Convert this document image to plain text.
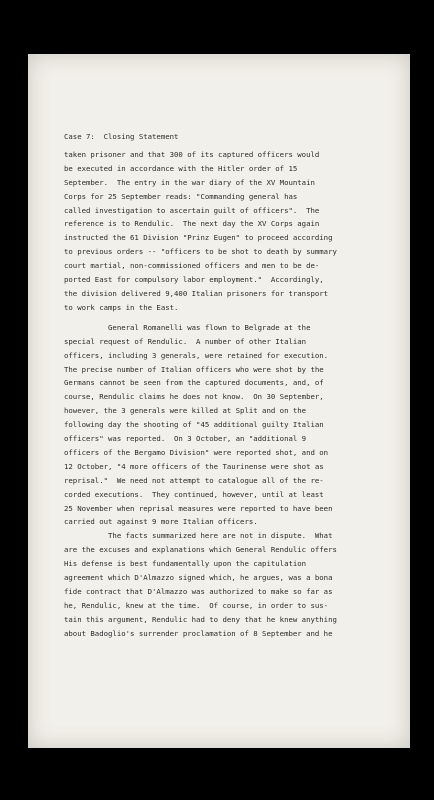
Case 7:  Closing Statement
taken prisoner and that 300 of its captured officers would
be executed in accordance with the Hitler order of 15
September.  The entry in the war diary of the XV Mountain
Corps for 25 September reads: "Commanding general has
called investigation to ascertain guilt of officers".  The
reference is to Rendulic.  The next day the XV Corps again
instructed the 61 Division "Prinz Eugen" to proceed according
to previous orders -- "officers to be shot to death by summary
court martial, non-commissioned officers and men to be de-
ported East for compulsory labor employment."  Accordingly,
the division delivered 9,400 Italian prisoners for transport
to work camps in the East.
General Romanelli was flown to Belgrade at the
special request of Rendulic.  A number of other Italian
officers, including 3 generals, were retained for execution.
The precise number of Italian officers who were shot by the
Germans cannot be seen from the captured documents, and, of
course, Rendulic claims he does not know.  On 30 September,
however, the 3 generals were killed at Split and on the
following day the shooting of "45 additional guilty Italian
officers" was reported.  On 3 October, an "additional 9
officers of the Bergamo Division" were reported shot, and on
12 October, "4 more officers of the Taurinense were shot as
reprisal."  We need not attempt to catalogue all of the re-
corded executions.  They continued, however, until at least
25 November when reprisal measures were reported to have been
carried out against 9 more Italian officers.
The facts summarized here are not in dispute.  What
are the excuses and explanations which General Rendulic offers
His defense is best fundamentally upon the capitulation
agreement which D'Almazzo signed which, he argues, was a bona
fide contract that D'Almazzo was authorized to make so far as
he, Rendulic, knew at the time.  Of course, in order to sus-
tain this argument, Rendulic had to deny that he knew anything
about Badoglio's surrender proclamation of 8 September and he
